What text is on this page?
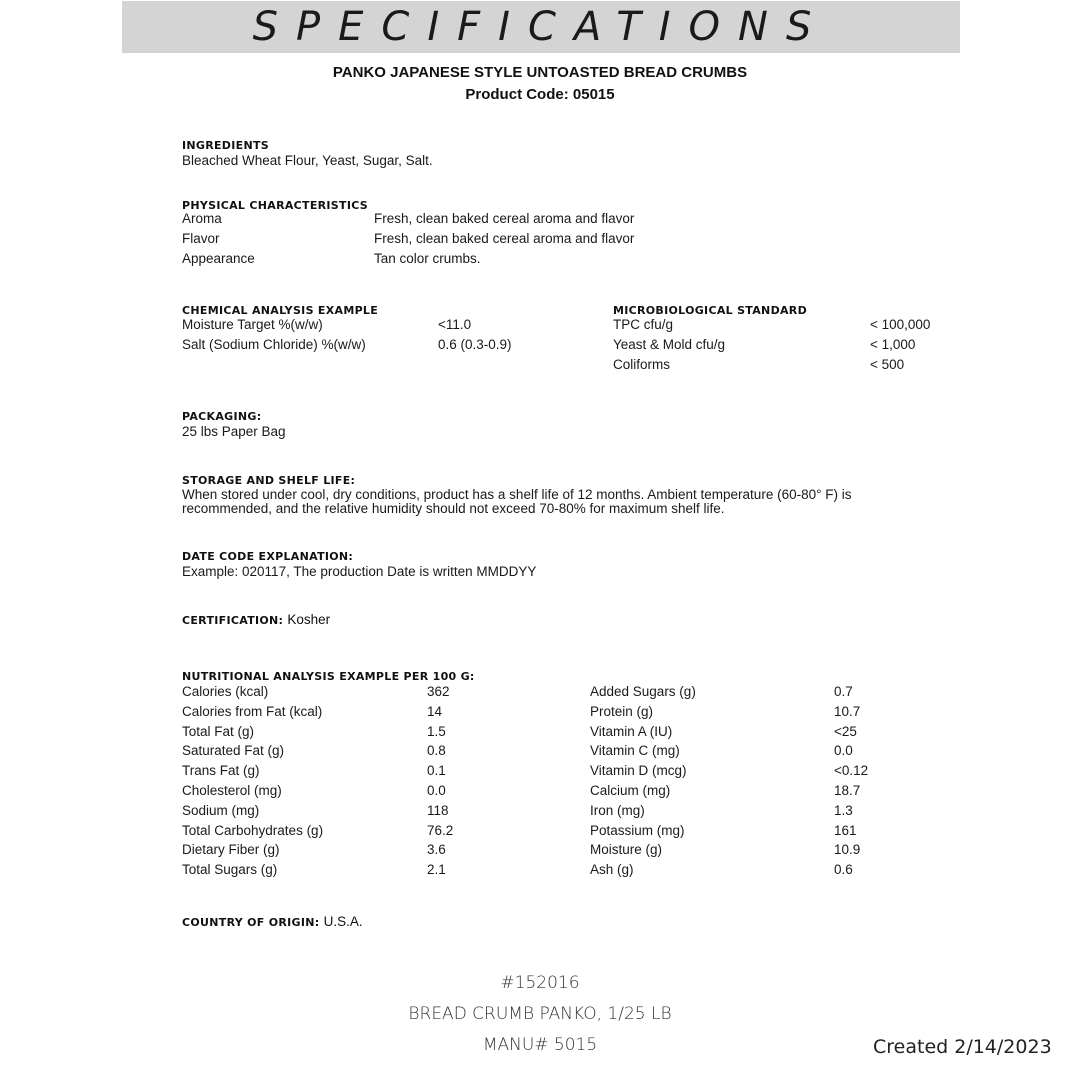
SPECIFICATIONS
PANKO JAPANESE STYLE UNTOASTED BREAD CRUMBS
Product Code: 05015
INGREDIENTS
Bleached Wheat Flour, Yeast, Sugar, Salt.
PHYSICAL CHARACTERISTICS
Aroma	Fresh, clean baked cereal aroma and flavor
Flavor	Fresh, clean baked cereal aroma and flavor
Appearance	Tan color crumbs.
CHEMICAL ANALYSIS EXAMPLE
Moisture Target %(w/w)	<11.0
Salt (Sodium Chloride) %(w/w)	0.6 (0.3-0.9)
MICROBIOLOGICAL STANDARD
TPC cfu/g	< 100,000
Yeast & Mold cfu/g	< 1,000
Coliforms	< 500
PACKAGING:
25 lbs Paper Bag
STORAGE AND SHELF LIFE:
When stored under cool, dry conditions, product has a shelf life of 12 months. Ambient temperature (60-80° F) is recommended, and the relative humidity should not exceed 70-80% for maximum shelf life.
DATE CODE EXPLANATION:
Example: 020117, The production Date is written MMDDYY
CERTIFICATION: Kosher
NUTRITIONAL ANALYSIS EXAMPLE PER 100 G:
Calories (kcal)	362
Calories from Fat (kcal)	14
Total Fat (g)	1.5
Saturated Fat (g)	0.8
Trans Fat (g)	0.1
Cholesterol (mg)	0.0
Sodium (mg)	118
Total Carbohydrates (g)	76.2
Dietary Fiber (g)	3.6
Total Sugars (g)	2.1
Added Sugars (g)	0.7
Protein (g)	10.7
Vitamin A (IU)	<25
Vitamin C (mg)	0.0
Vitamin D (mcg)	<0.12
Calcium (mg)	18.7
Iron (mg)	1.3
Potassium (mg)	161
Moisture (g)	10.9
Ash (g)	0.6
COUNTRY OF ORIGIN: U.S.A.
#152016
BREAD CRUMB PANKO, 1/25 LB
MANU# 5015	Created 2/14/2023
